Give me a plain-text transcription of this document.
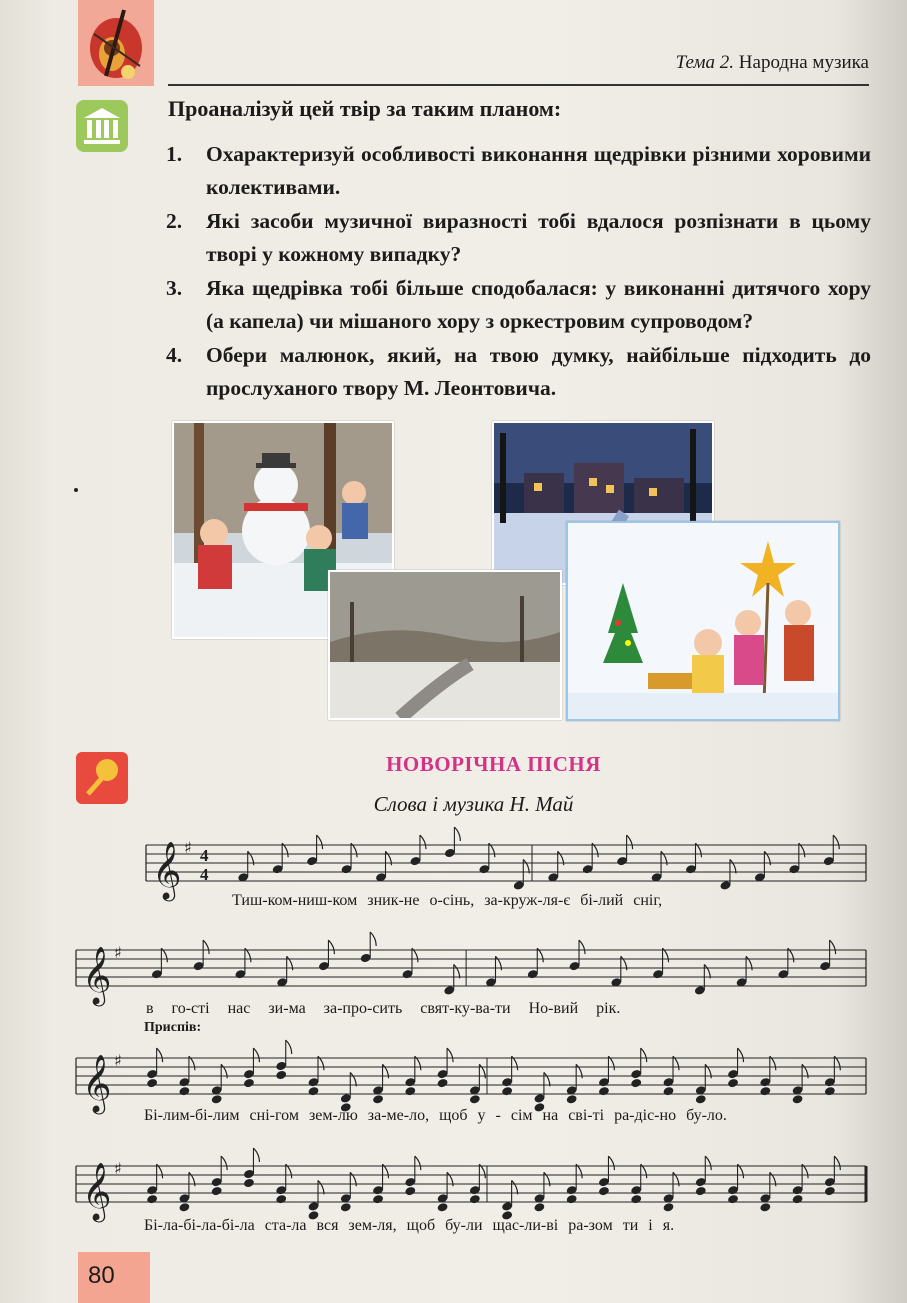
Тема 2. Народна музика
Проаналізуй цей твір за таким планом:
1. Охарактеризуй особливості виконання щедрівки різними хоровими колективами.
2. Які засоби музичної виразності тобі вдалося розпізнати в цьому творі у кожному випадку?
3. Яка щедрівка тобі більше сподобалася: у виконанні дитячого хору (а капела) чи мішаного хору з оркестровим супроводом?
4. Обери малюнок, який, на твою думку, найбільше підходить до прослуханого твору М. Леонтовича.
НОВОРІЧНА ПІСНЯ
Слова і музика Н. Май
𝄞 ♯ 4
4
𝄞 ♯
𝄞 ♯
𝄞 ♯
Тиш-ком-ниш-ком зник-не о-сінь, за-круж-ля-є бі-лий сніг,
в го-сті нас зи-ма за-про-сить свят-ку-ва-ти Но-вий рік.
Приспів:
Бі-лим-бі-лим сні-гом зем-лю за-ме-ло, щоб у - сім на сві-ті ра-діс-но бу-ло.
Бі-ла-бі-ла-бі-ла ста-ла вся зем-ля, щоб бу-ли щас-ли-ві ра-зом ти і я.
80
